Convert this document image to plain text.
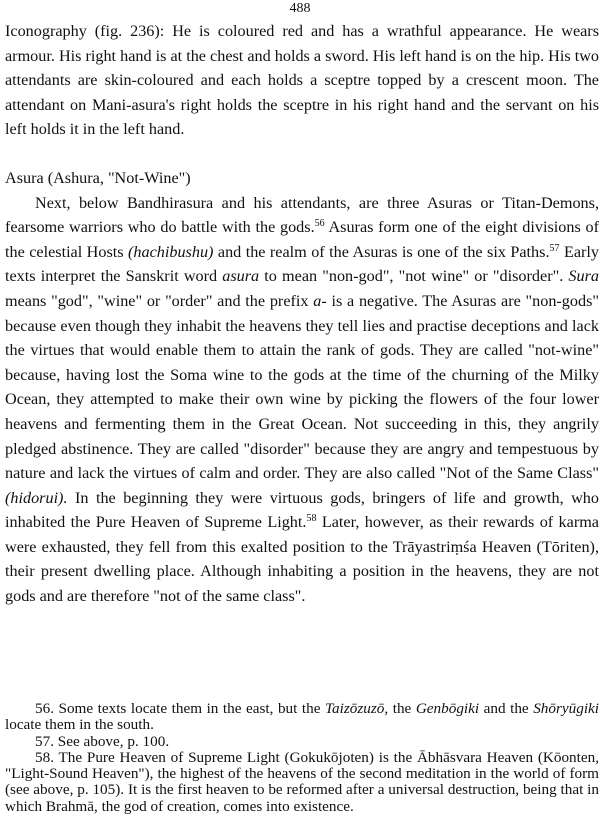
488

Iconography (fig. 236): He is coloured red and has a wrathful appearance. He wears armour. His right hand is at the chest and holds a sword. His left hand is on the hip. His two attendants are skin-coloured and each holds a sceptre topped by a crescent moon. The attendant on Mani-asura's right holds the sceptre in his right hand and the servant on his left holds it in the left hand.

Asura (Ashura, "Not-Wine")

Next, below Bandhirasura and his attendants, are three Asuras or Titan-Demons, fearsome warriors who do battle with the gods.$^{56}$ Asuras form one of the eight divisions of the celestial Hosts (hachibushu) and the realm of the Asuras is one of the six Paths.$^{57}$ Early texts interpret the Sanskrit word asura to mean "non-god", "not wine" or "disorder". Sura means "god", "wine" or "order" and the prefix a- is a negative. The Asuras are "non-gods" because even though they inhabit the heavens they tell lies and practise deceptions and lack the virtues that would enable them to attain the rank of gods. They are called "not-wine" because, having lost the Soma wine to the gods at the time of the churning of the Milky Ocean, they attempted to make their own wine by picking the flowers of the four lower heavens and fermenting them in the Great Ocean. Not succeeding in this, they angrily pledged abstinence. They are called "disorder" because they are angry and tempestuous by nature and lack the virtues of calm and order. They are also called "Not of the Same Class" (hidorui). In the beginning they were virtuous gods, bringers of life and growth, who inhabited the Pure Heaven of Supreme Light.$^{58}$ Later, however, as their rewards of karma were exhausted, they fell from this exalted position to the Trāyastriṃśa Heaven (Tōriten), their present dwelling place. Although inhabiting a position in the heavens, they are not gods and are therefore "not of the same class".

56. Some texts locate them in the east, but the Taizōzuzō, the Genbōgiki and the Shōryūgiki locate them in the south.

57. See above, p. 100.

58. The Pure Heaven of Supreme Light (Gokukōjoten) is the Ābhāsvara Heaven (Kōonten, "Light-Sound Heaven"), the highest of the heavens of the second meditation in the world of form (see above, p. 105). It is the first heaven to be reformed after a universal destruction, being that in which Brahmā, the god of creation, comes into existence.
